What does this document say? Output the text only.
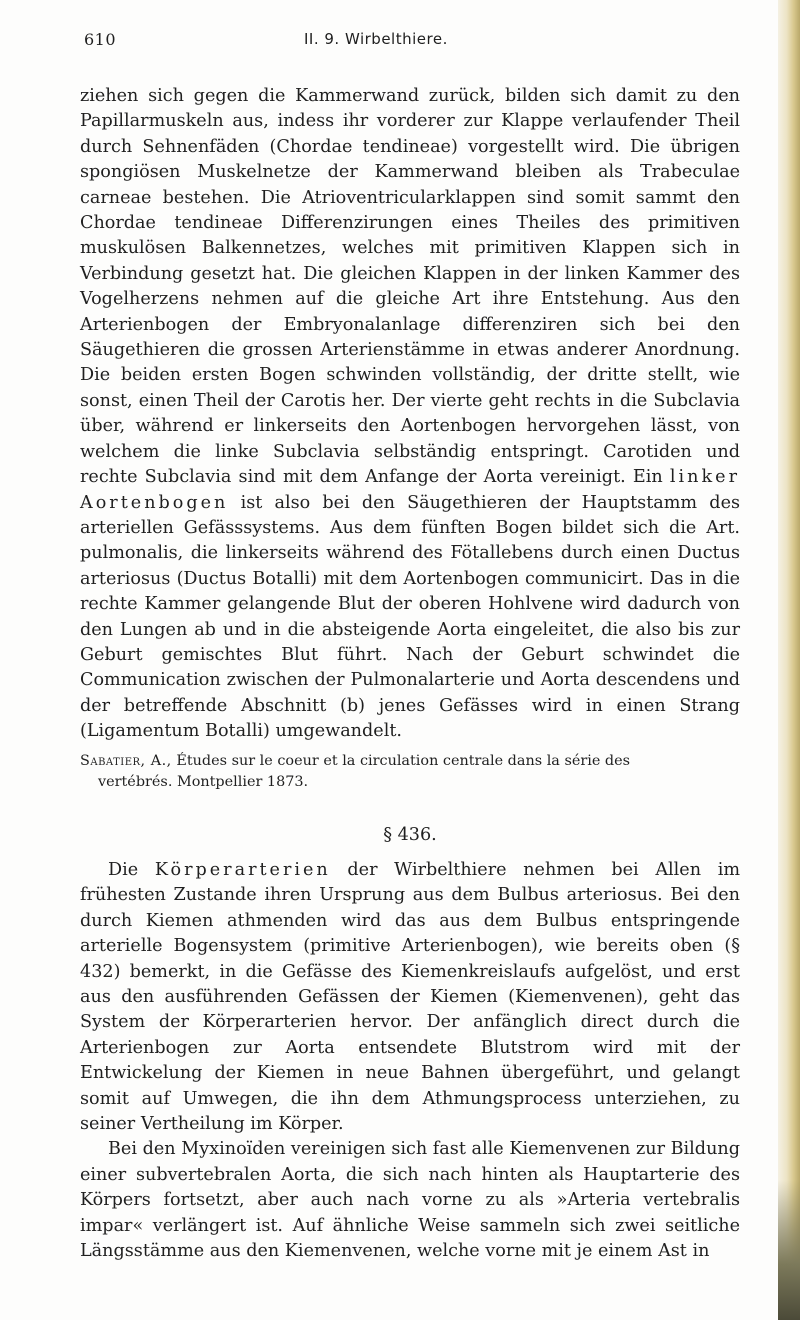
610	II. 9. Wirbelthiere.

ziehen sich gegen die Kammerwand zurück, bilden sich damit zu den Papillarmuskeln aus, indess ihr vorderer zur Klappe verlaufender Theil durch Sehnenfäden (Chordae tendineae) vorgestellt wird. Die übrigen spongiösen Muskelnetze der Kammerwand bleiben als Trabeculae carneae bestehen. Die Atrioventricularklappen sind somit sammt den Chordae tendineae Differenzirungen eines Theiles des primitiven muskulösen Balkennetzes, welches mit primitiven Klappen sich in Verbindung gesetzt hat. Die gleichen Klappen in der linken Kammer des Vogelherzens nehmen auf die gleiche Art ihre Entstehung. Aus den Arterienbogen der Embryonalanlage differenziren sich bei den Säugethieren die grossen Arterienstämme in etwas anderer Anordnung. Die beiden ersten Bogen schwinden vollständig, der dritte stellt, wie sonst, einen Theil der Carotis her. Der vierte geht rechts in die Subclavia über, während er linkerseits den Aortenbogen hervorgehen lässt, von welchem die linke Subclavia selbständig entspringt. Carotiden und rechte Subclavia sind mit dem Anfange der Aorta vereinigt. Ein linker Aortenbogen ist also bei den Säugethieren der Hauptstamm des arteriellen Gefässsystems. Aus dem fünften Bogen bildet sich die Art. pulmonalis, die linkerseits während des Fötallebens durch einen Ductus arteriosus (Ductus Botalli) mit dem Aortenbogen communicirt. Das in die rechte Kammer gelangende Blut der oberen Hohlvene wird dadurch von den Lungen ab und in die absteigende Aorta eingeleitet, die also bis zur Geburt gemischtes Blut führt. Nach der Geburt schwindet die Communication zwischen der Pulmonalarterie und Aorta descendens und der betreffende Abschnitt (b) jenes Gefässes wird in einen Strang (Ligamentum Botalli) umgewandelt.

Sabatier, A., Études sur le coeur et la circulation centrale dans la série des
vertébrés. Montpellier 1873.

§ 436.

Die Körperarterien der Wirbelthiere nehmen bei Allen im frühesten Zustande ihren Ursprung aus dem Bulbus arteriosus. Bei den durch Kiemen athmenden wird das aus dem Bulbus entspringende arterielle Bogensystem (primitive Arterienbogen), wie bereits oben (§ 432) bemerkt, in die Gefässe des Kiemenkreislaufs aufgelöst, und erst aus den ausführenden Gefässen der Kiemen (Kiemenvenen), geht das System der Körperarterien hervor. Der anfänglich direct durch die Arterienbogen zur Aorta entsendete Blutstrom wird mit der Entwickelung der Kiemen in neue Bahnen übergeführt, und gelangt somit auf Umwegen, die ihn dem Athmungsprocess unterziehen, zu seiner Vertheilung im Körper.

Bei den Myxinoïden vereinigen sich fast alle Kiemenvenen zur Bildung einer subvertebralen Aorta, die sich nach hinten als Hauptarterie des Körpers fortsetzt, aber auch nach vorne zu als »Arteria vertebralis impar« verlängert ist. Auf ähnliche Weise sammeln sich zwei seitliche Längsstämme aus den Kiemenvenen, welche vorne mit je einem Ast in
